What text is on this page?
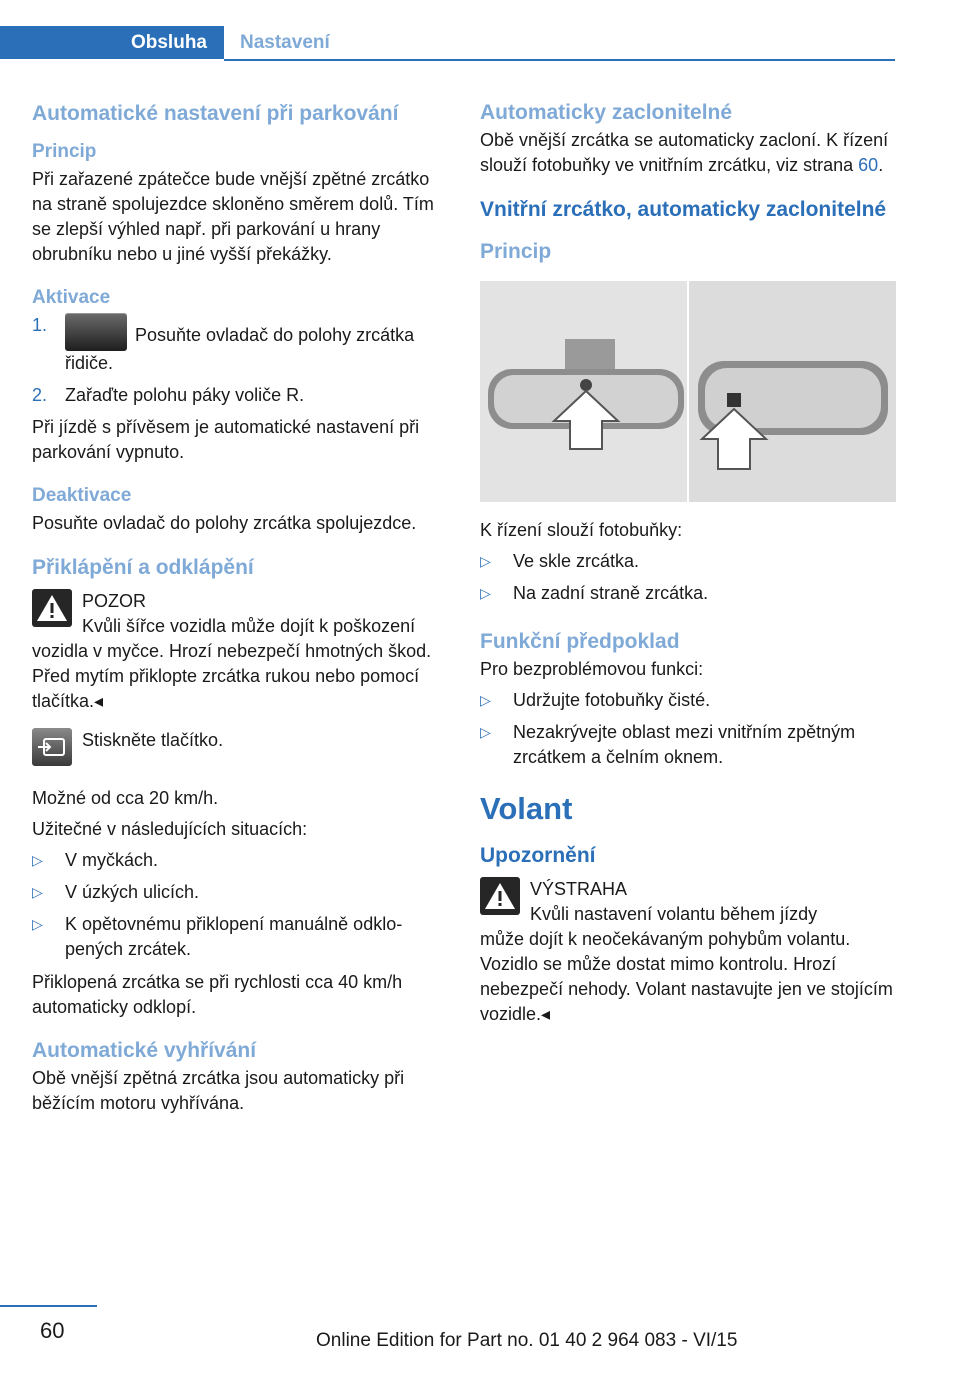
Obsluha	Nastavení
Automatické nastavení při parkování
Princip

Při zařazené zpátečce bude vnější zpětné zrcátko na straně spolujezdce skloněno směrem dolů. Tím se zlepší výhled např. při parkování u hrany obrubníku nebo u jiné vyšší překážky.

Aktivace
1.	Posuňte ovladač do polohy zrcátka řidiče.
2. Zařaďte polohu páky voliče R.

Při jízdě s přívěsem je automatické nastavení při parkování vypnuto.

Deaktivace

Posuňte ovladač do polohy zrcátka spolujezdce.

Přiklápění a odklápění

POZOR

Kvůli šířce vozidla může dojít k poškození

vozidla v myčce. Hrozí nebezpečí hmotných škod. Před mytím přiklopte zrcátka rukou nebo pomocí tlačítka.◂

Stiskněte tlačítko.

Možné od cca 20 km/h.

Užitečné v následujících situacích:

▷	V myčkách.
▷	V úzkých ulicích.
▷	K opětovnému přiklopení manuálně odklopených zrcátek.

Přiklopená zrcátka se při rychlosti cca 40 km/h automaticky odklopí.

Automatické vyhřívání

Obě vnější zpětná zrcátka jsou automaticky při běžícím motoru vyhřívána.

Automaticky zaclonitelné

Obě vnější zrcátka se automaticky zacloní. K řízení slouží fotobuňky ve vnitřním zrcátku, viz strana 60.

Vnitřní zrcátko, automaticky zaclonitelné
Princip

K řízení slouží fotobuňky:

▷	Ve skle zrcátka.
▷	Na zadní straně zrcátka.
Funkční předpoklad

Pro bezproblémovou funkci:

▷	Udržujte fotobuňky čisté.
▷	Nezakrývejte oblast mezi vnitřním zpětným zrcátkem a čelním oknem.
Volant
Upozornění

VÝSTRAHA

Kvůli nastavení volantu během jízdy

může dojít k neočekávaným pohybům volantu. Vozidlo se může dostat mimo kontrolu. Hrozí nebezpečí nehody. Volant nastavujte jen ve stojícím vozidle.◂

60	Online Edition for Part no. 01 40 2 964 083 - VI/15
